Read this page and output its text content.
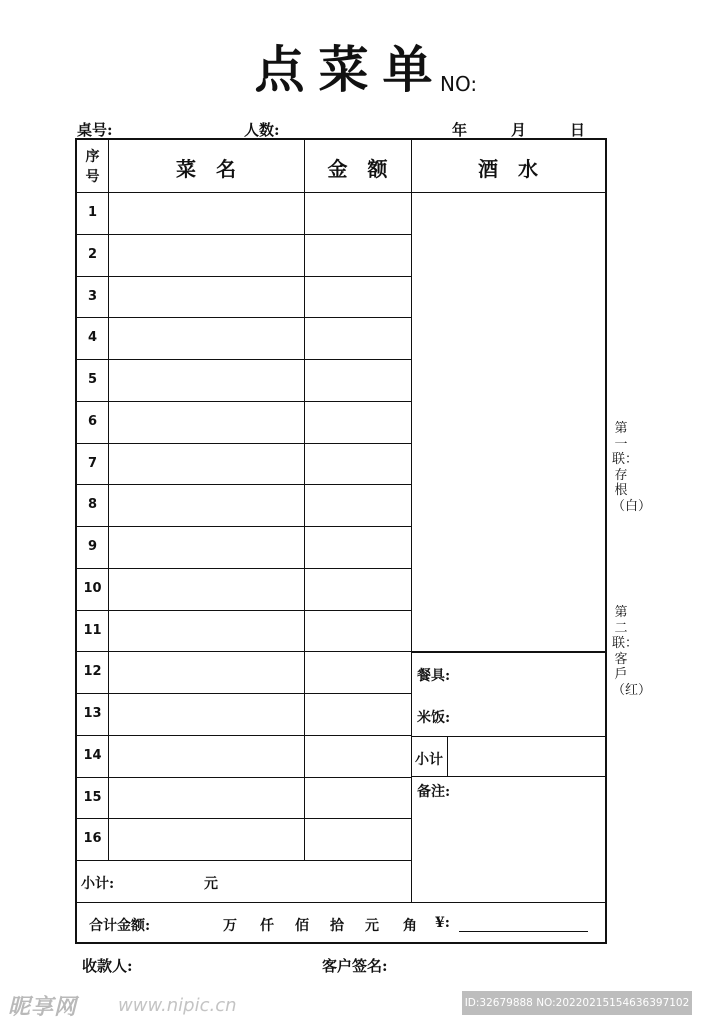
点菜单
NO:
桌号:	人数:	年	月	日
序
号	菜　名	金　额	酒　水
1
2
3
4
5
6
7
8
9
10
11
12
13
14
15
16
餐具:
米饭:
小计
备注:
小计:	元
合计金额:	万 仟 佰 拾 元 角 ¥:
第一联：存根（白）
第二联：客戶（红）
收款人:	客户签名:
昵享网 www.nipic.cn	ID:32679888 NO:20220215154636397102
